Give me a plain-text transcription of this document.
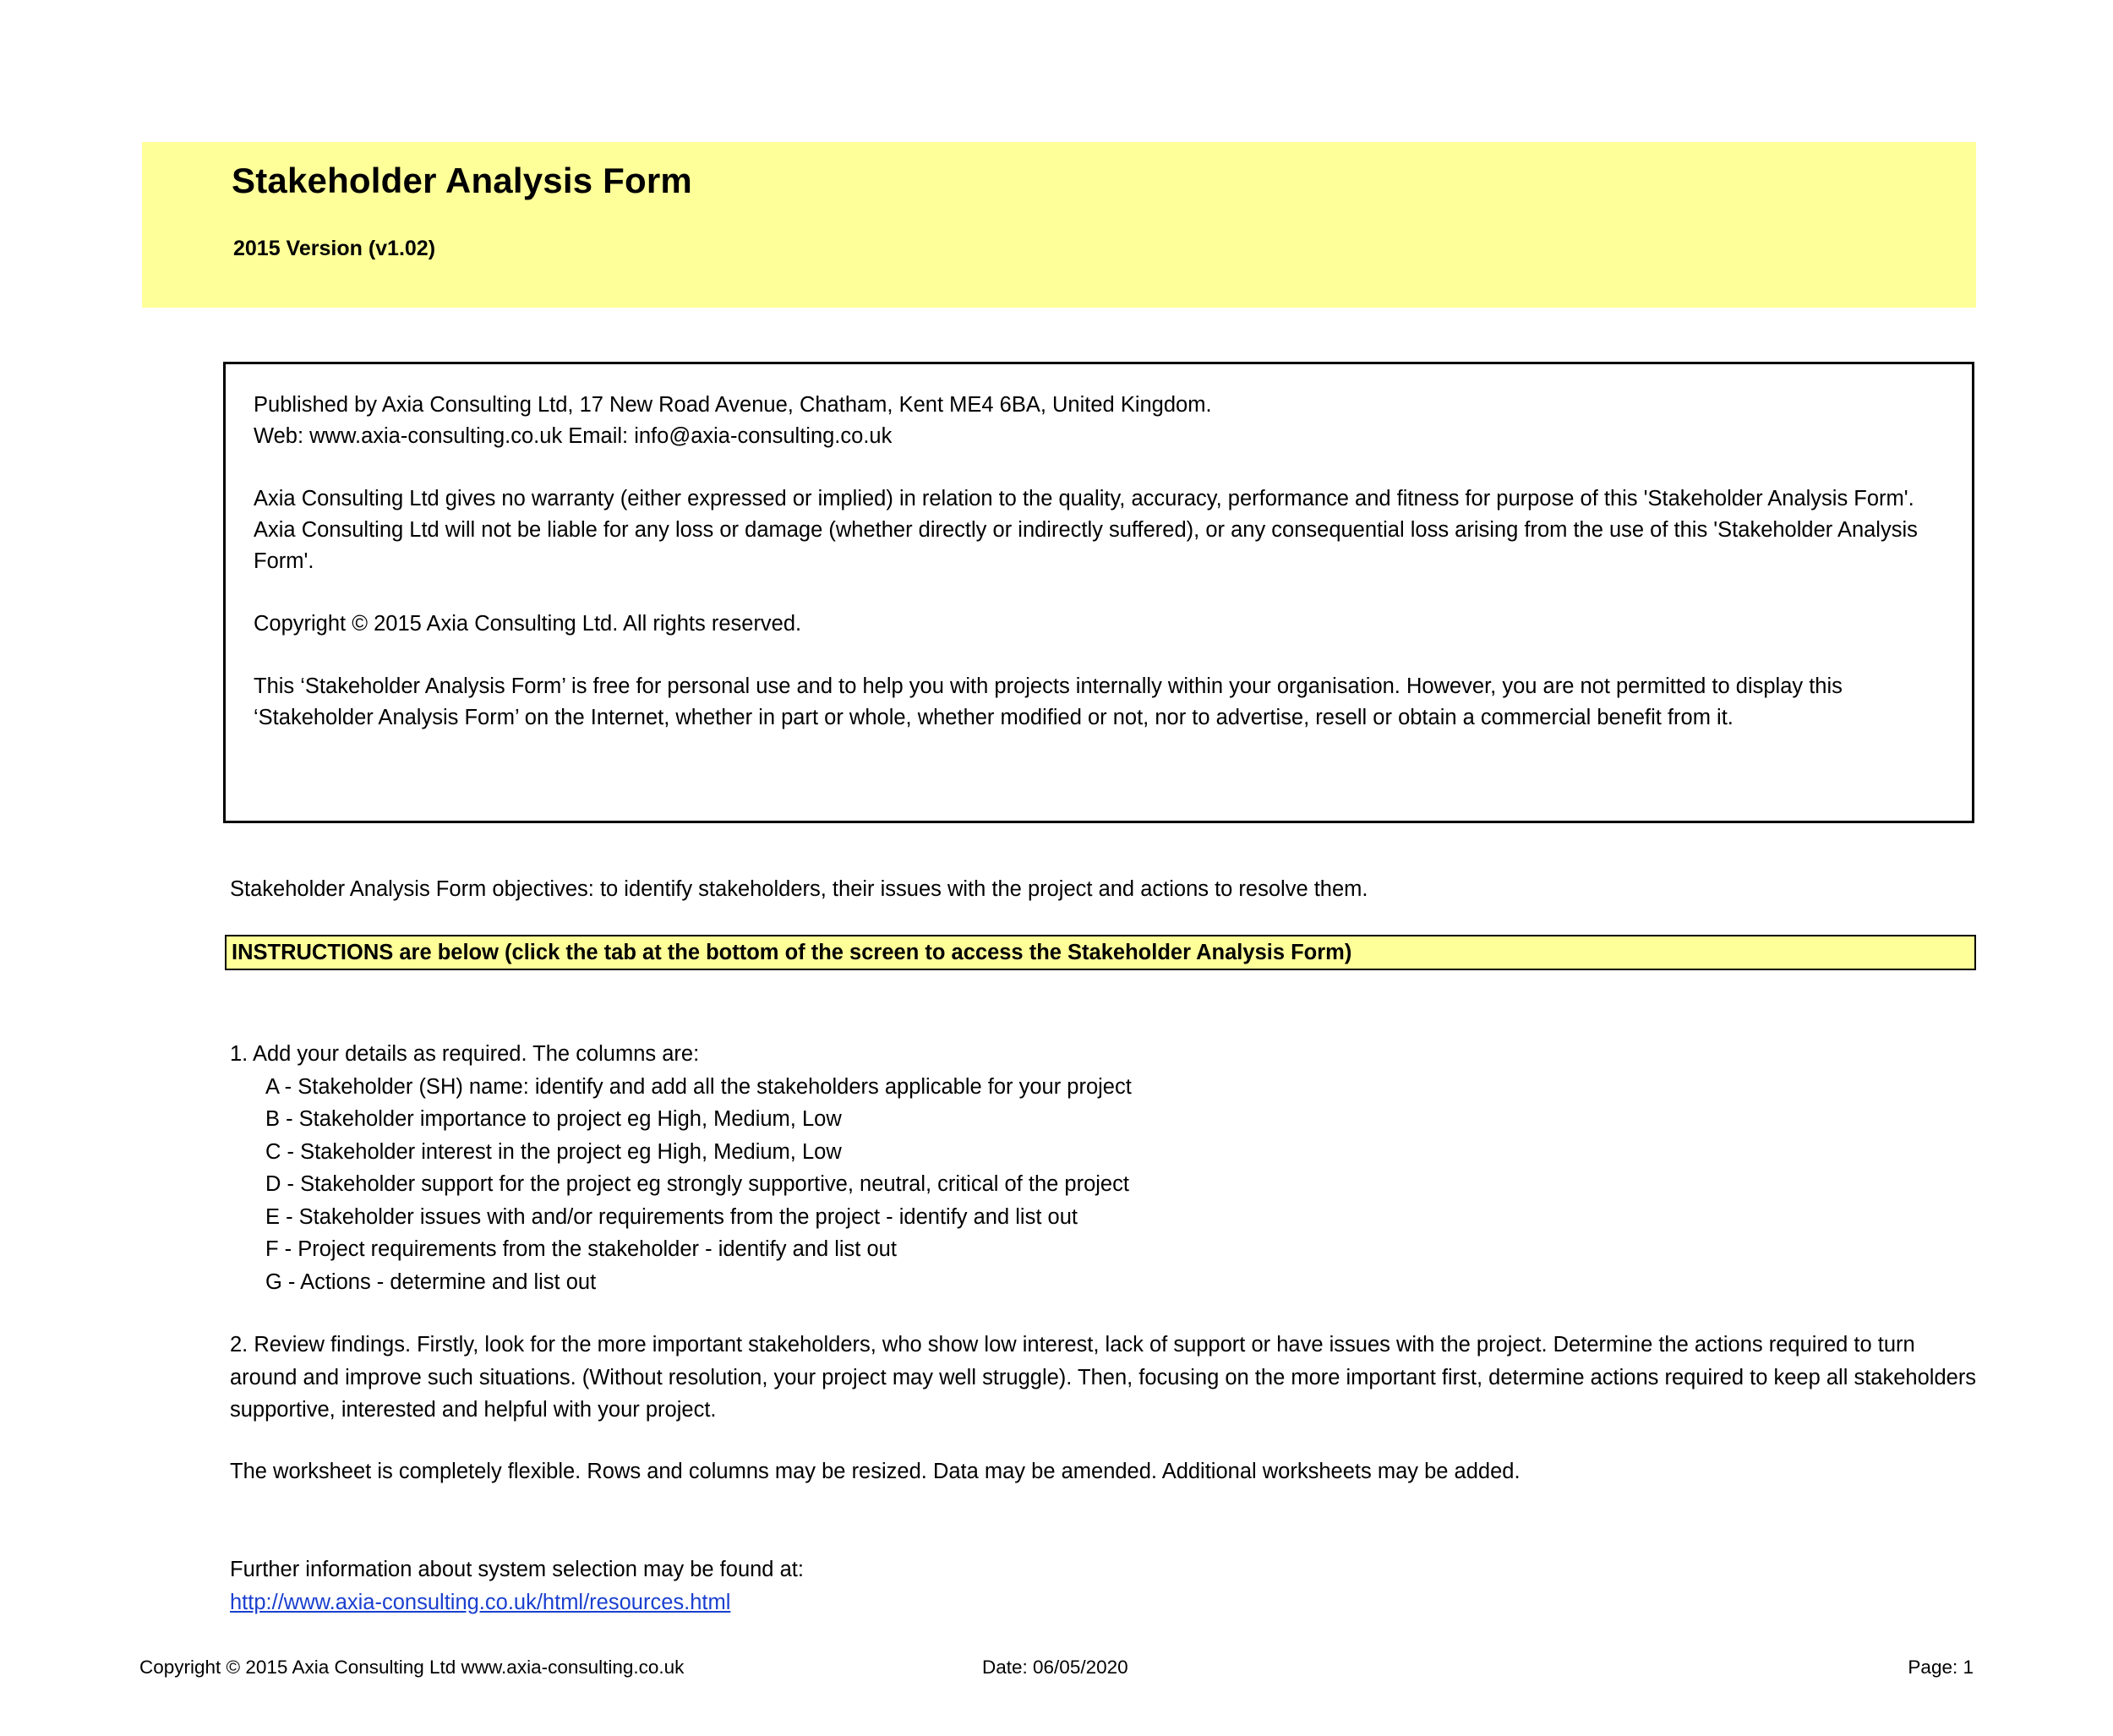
Stakeholder Analysis Form
2015 Version (v1.02)

Published by Axia Consulting Ltd, 17 New Road Avenue, Chatham, Kent ME4 6BA, United Kingdom.

Web: www.axia-consulting.co.uk Email: info@axia-consulting.co.uk

Axia Consulting Ltd gives no warranty (either expressed or implied) in relation to the quality, accuracy, performance and fitness for purpose of this 'Stakeholder Analysis Form'. Axia Consulting Ltd will not be liable for any loss or damage (whether directly or indirectly suffered), or any consequential loss arising from the use of this 'Stakeholder Analysis Form'.

Copyright © 2015 Axia Consulting Ltd. All rights reserved.

This ‘Stakeholder Analysis Form’ is free for personal use and to help you with projects internally within your organisation. However, you are not permitted to display this ‘Stakeholder Analysis Form’ on the Internet, whether in part or whole, whether modified or not, nor to advertise, resell or obtain a commercial benefit from it.

Stakeholder Analysis Form objectives: to identify stakeholders, their issues with the project and actions to resolve them.
INSTRUCTIONS are below (click the tab at the bottom of the screen to access the Stakeholder Analysis Form)

1. Add your details as required. The columns are:

A - Stakeholder (SH) name: identify and add all the stakeholders applicable for your project

B - Stakeholder importance to project eg High, Medium, Low

C - Stakeholder interest in the project eg High, Medium, Low

D - Stakeholder support for the project eg strongly supportive, neutral, critical of the project

E - Stakeholder issues with and/or requirements from the project - identify and list out

F - Project requirements from the stakeholder - identify and list out

G - Actions - determine and list out

2. Review findings. Firstly, look for the more important stakeholders, who show low interest, lack of support or have issues with the project. Determine the actions required to turn around and improve such situations. (Without resolution, your project may well struggle). Then, focusing on the more important first, determine actions required to keep all stakeholders supportive, interested and helpful with your project.

The worksheet is completely flexible. Rows and columns may be resized. Data may be amended. Additional worksheets may be added.

Further information about system selection may be found at:

http://www.axia-consulting.co.uk/html/resources.html

Copyright © 2015 Axia Consulting Ltd www.axia-consulting.co.uk	Date: 06/05/2020	Page: 1
